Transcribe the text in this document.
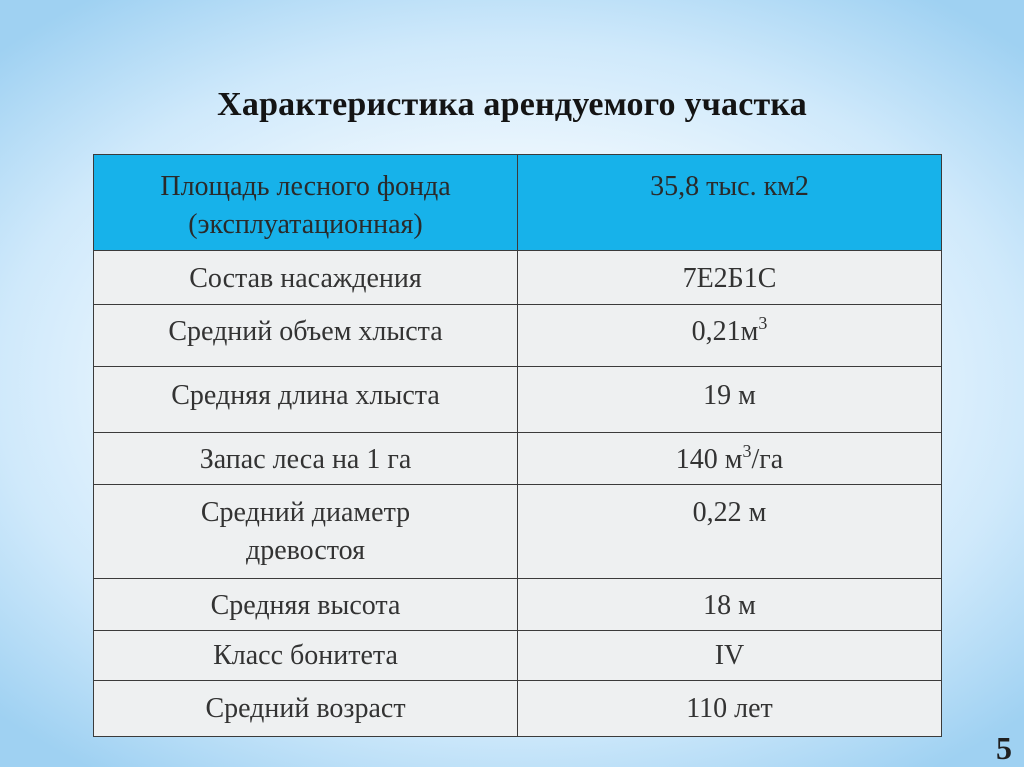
Характеристика арендуемого участка
Площадь лесного фонда
(эксплуатационная)	35,8 тыс. км2
Состав насаждения	7Е2Б1С
Средний объем хлыста	$0,21м^3$
Средняя длина хлыста	19 м
Запас леса на 1 га	140 $м^3/га$
Средний диаметр
древостоя	0,22 м
Средняя высота	18 м
Класс бонитета	IV
Средний возраст	110 лет
5
